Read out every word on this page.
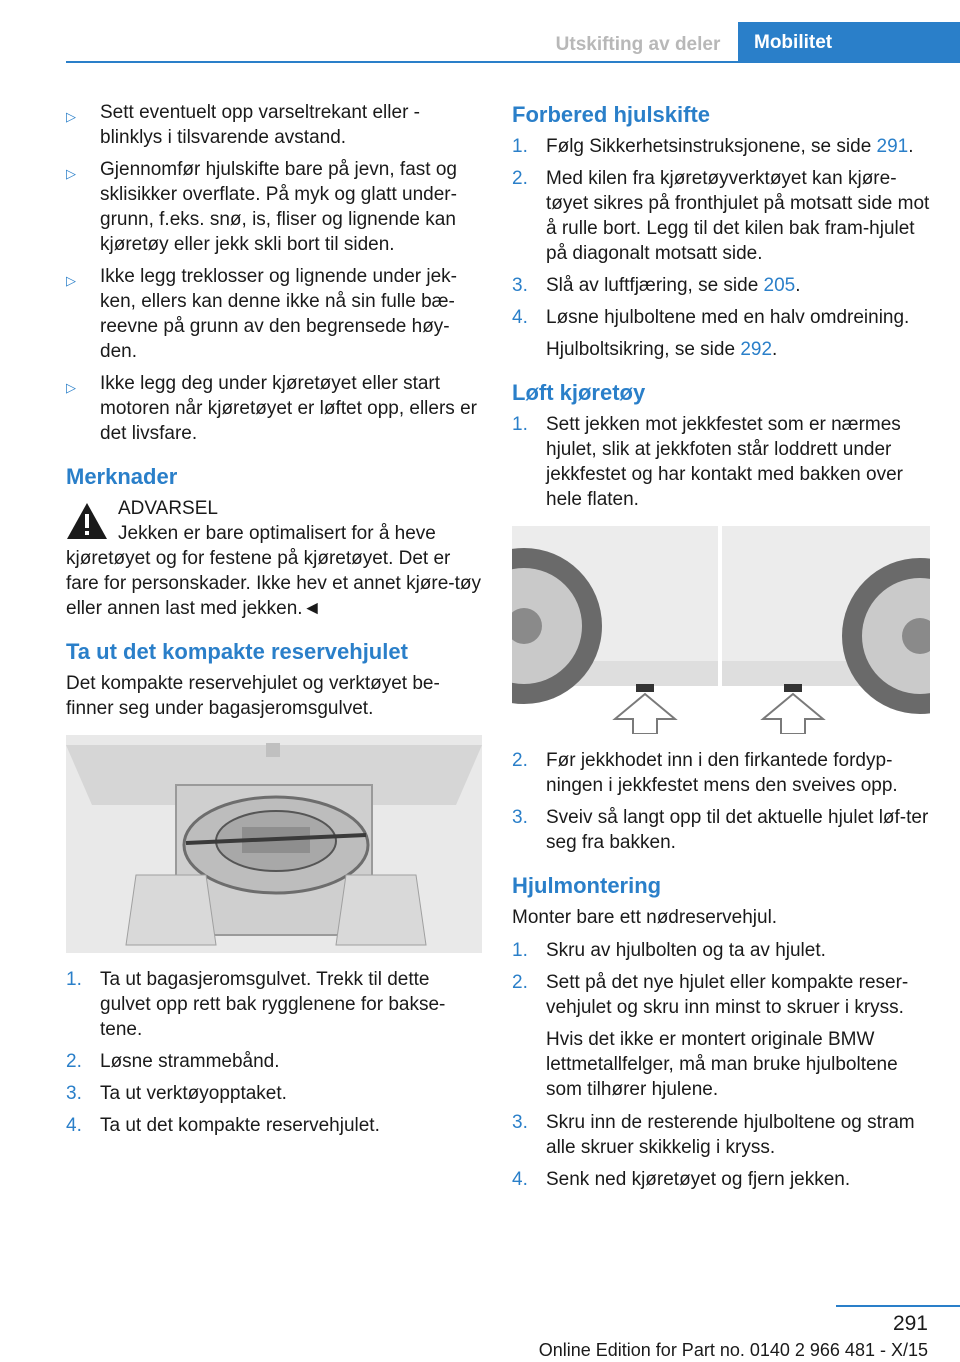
Utskifting av deler	Mobilitet
▷ Sett eventuelt opp varseltrekant eller - blinklys i tilsvarende avstand.
▷ Gjennomfør hjulskifte bare på jevn, fast og sklisikker overflate. På myk og glatt under-grunn, f.eks. snø, is, fliser og lignende kan kjøretøy eller jekk skli bort til siden.
▷ Ikke legg treklosser og lignende under jek-ken, ellers kan denne ikke nå sin fulle bæ-reevne på grunn av den begrensede høy-den.
▷ Ikke legg deg under kjøretøyet eller start motoren når kjøretøyet er løftet opp, ellers er det livsfare.
Merknader
ADVARSEL
Jekken er bare optimalisert for å heve kjøretøyet og for festene på kjøretøyet. Det er fare for personskader. Ikke hev et annet kjøre-tøy eller annen last med jekken.◄
Ta ut det kompakte reservehjulet
Det kompakte reservehjulet og verktøyet be-finner seg under bagasjeromsgulvet.
1. Ta ut bagasjeromsgulvet. Trekk til dette gulvet opp rett bak rygglenene for bakse-tene.
2. Løsne strammebånd.
3. Ta ut verktøyopptaket.
4. Ta ut det kompakte reservehjulet.
Forbered hjulskifte
1. Følg Sikkerhetsinstruksjonene, se side 291.
2. Med kilen fra kjøretøyverktøyet kan kjøre-tøyet sikres på fronthjulet på motsatt side mot å rulle bort. Legg til det kilen bak fram-hjulet på diagonalt motsatt side.
3. Slå av luftfjæring, se side 205.
4. Løsne hjulboltene med en halv omdreining.
Hjulboltsikring, se side 292.
Løft kjøretøy
1. Sett jekken mot jekkfestet som er nærmes hjulet, slik at jekkfoten står loddrett under jekkfestet og har kontakt med bakken over hele flaten.
2. Før jekkhodet inn i den firkantede fordyp-ningen i jekkfestet mens den sveives opp.
3. Sveiv så langt opp til det aktuelle hjulet løf-ter seg fra bakken.
Hjulmontering
Monter bare ett nødreservehjul.
1. Skru av hjulbolten og ta av hjulet.
2. Sett på det nye hjulet eller kompakte reser-vehjulet og skru inn minst to skruer i kryss.
Hvis det ikke er montert originale BMW lettmetallfelger, må man bruke hjulboltene som tilhører hjulene.
3. Skru inn de resterende hjulboltene og stram alle skruer skikkelig i kryss.
4. Senk ned kjøretøyet og fjern jekken.
291
Online Edition for Part no. 0140 2 966 481 - X/15
